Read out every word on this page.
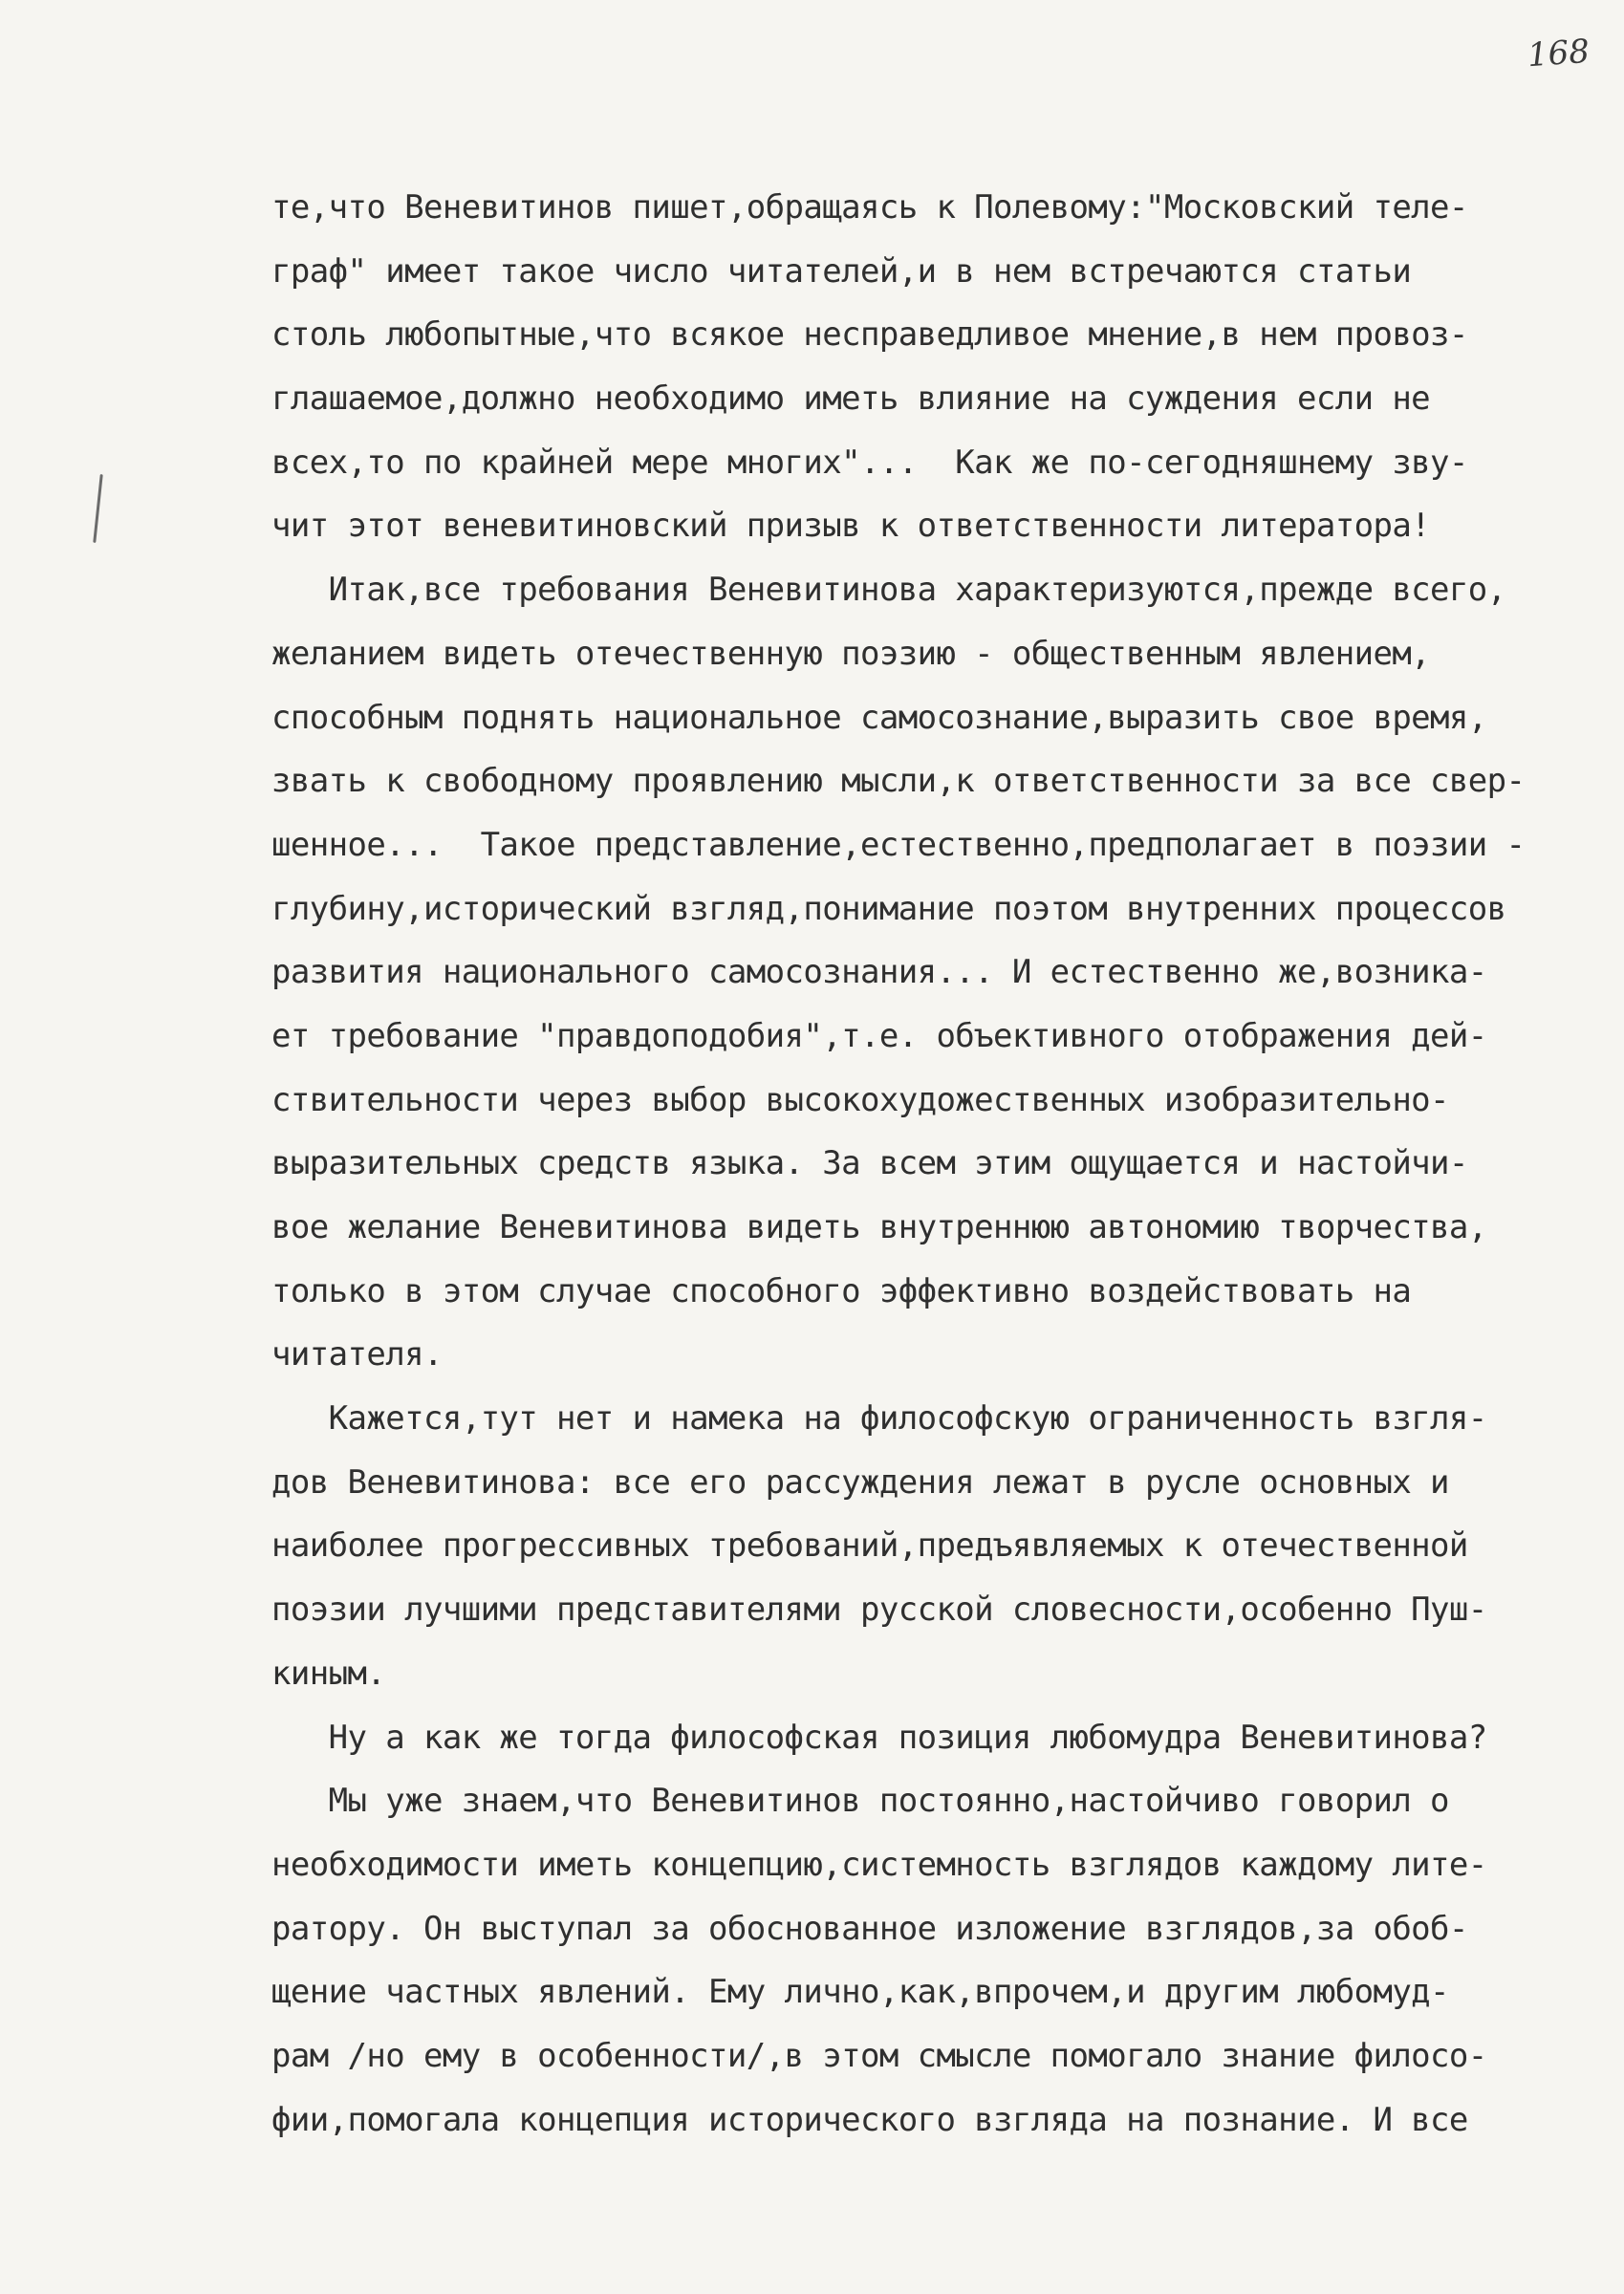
168
те,что Веневитинов пишет,обращаясь к Полевому:"Московский теле-
граф" имеет такое число читателей,и в нем встречаются статьи
столь любопытные,что всякое несправедливое мнение,в нем провоз-
глашаемое,должно необходимо иметь влияние на суждения если не
всех,то по крайней мере многих"...  Как же по-сегодняшнему зву-
чит этот веневитиновский призыв к ответственности литератора!
Итак,все требования Веневитинова характеризуются,прежде всего,
желанием видеть отечественную поэзию - общественным явлением,
способным поднять национальное самосознание,выразить свое время,
звать к свободному проявлению мысли,к ответственности за все свер-
шенное...  Такое представление,естественно,предполагает в поэзии -
глубину,исторический взгляд,понимание поэтом внутренних процессов
развития национального самосознания... И естественно же,возника-
ет требование "правдоподобия",т.е. объективного отображения дей-
ствительности через выбор высокохудожественных изобразительно-
выразительных средств языка. За всем этим ощущается и настойчи-
вое желание Веневитинова видеть внутреннюю автономию творчества,
только в этом случае способного эффективно воздействовать на
читателя.
Кажется,тут нет и намека на философскую ограниченность взгля-
дов Веневитинова: все его рассуждения лежат в русле основных и
наиболее прогрессивных требований,предъявляемых к отечественной
поэзии лучшими представителями русской словесности,особенно Пуш-
киным.
Ну а как же тогда философская позиция любомудра Веневитинова?
Мы уже знаем,что Веневитинов постоянно,настойчиво говорил о
необходимости иметь концепцию,системность взглядов каждому лите-
ратору. Он выступал за обоснованное изложение взглядов,за обоб-
щение частных явлений. Ему лично,как,впрочем,и другим любомуд-
рам /но ему в особенности/,в этом смысле помогало знание филосо-
фии,помогала концепция исторического взгляда на познание. И все
